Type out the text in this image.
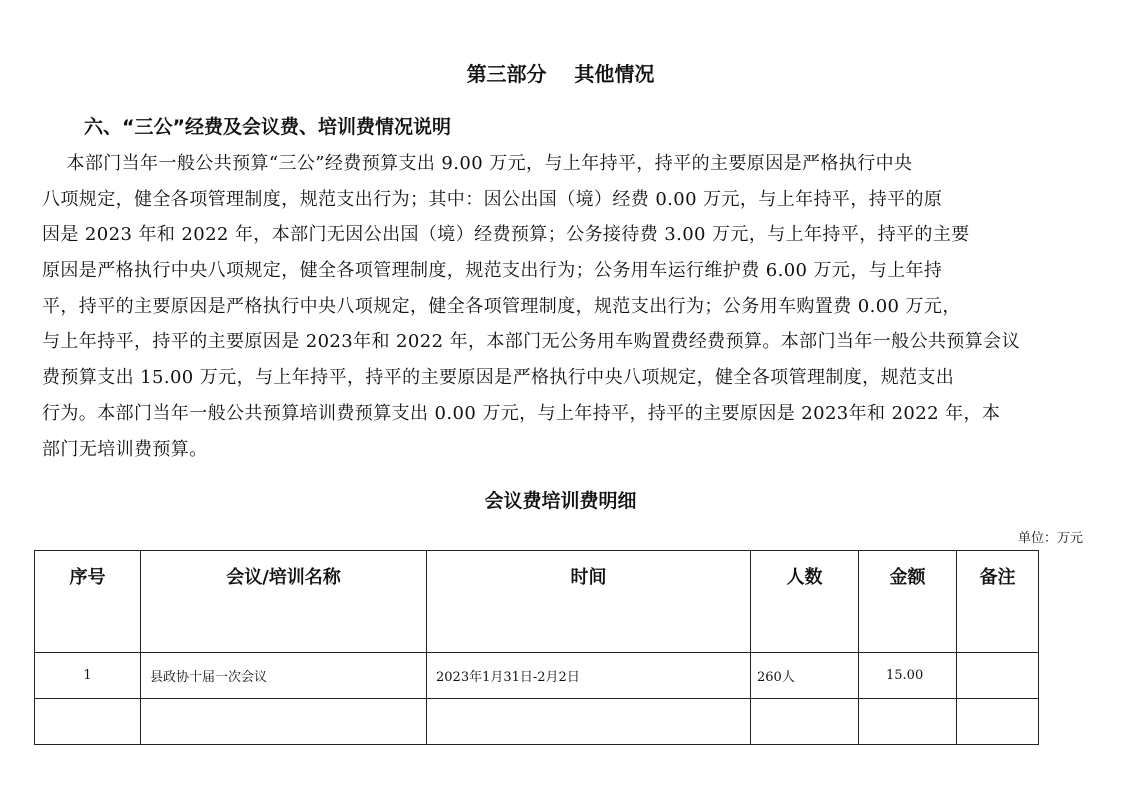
第三部分    其他情况
六、“三公”经费及会议费、培训费情况说明
本部门当年一般公共预算“三公”经费预算支出 9.00 万元，与上年持平，持平的主要原因是严格执行中央
八项规定，健全各项管理制度，规范支出行为；其中：因公出国（境）经费 0.00 万元，与上年持平，持平的原
因是 2023 年和 2022 年，本部门无因公出国（境）经费预算；公务接待费 3.00 万元，与上年持平，持平的主要
原因是严格执行中央八项规定，健全各项管理制度，规范支出行为；公务用车运行维护费 6.00 万元，与上年持
平，持平的主要原因是严格执行中央八项规定，健全各项管理制度，规范支出行为；公务用车购置费 0.00 万元，
与上年持平，持平的主要原因是 2023年和 2022 年，本部门无公务用车购置费经费预算。本部门当年一般公共预算会议
费预算支出 15.00 万元，与上年持平，持平的主要原因是严格执行中央八项规定，健全各项管理制度，规范支出
行为。本部门当年一般公共预算培训费预算支出 0.00 万元，与上年持平，持平的主要原因是 2023年和 2022 年，本
部门无培训费预算。
会议费培训费明细
单位：万元
序号	会议/培训名称	时间	人数	金额	备注
1	县政协十届一次会议	2023年1月31日-2月2日	260人	15.00	
